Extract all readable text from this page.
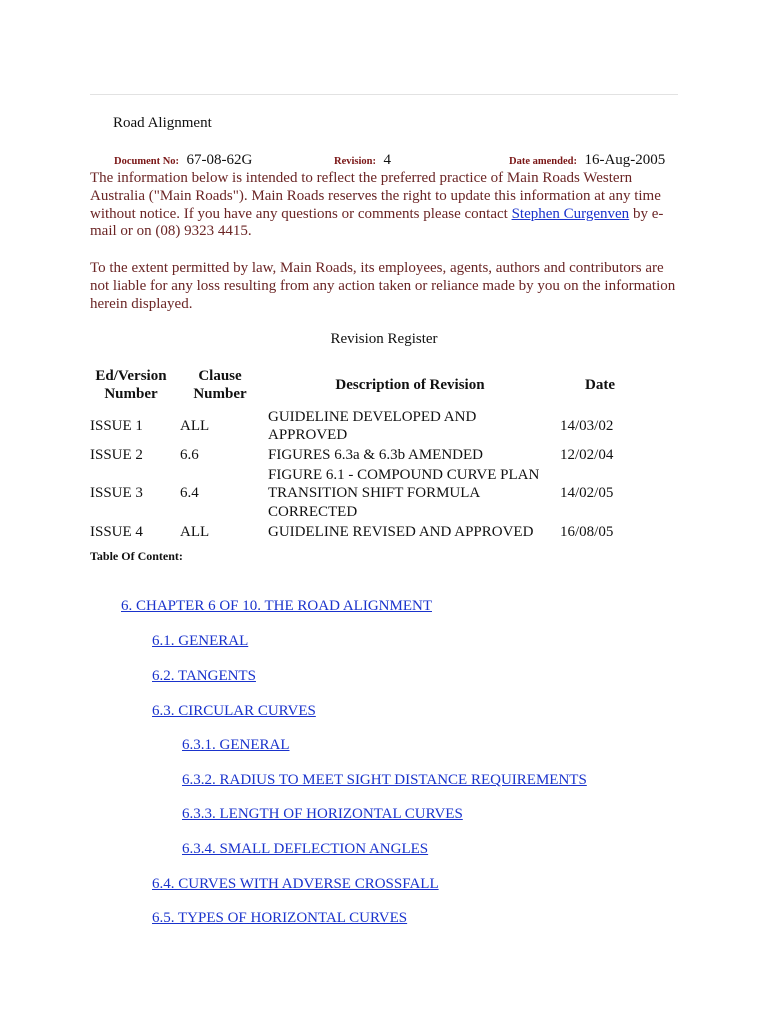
Road Alignment
Document No: 67-08-62G	Revision: 4	Date amended: 16-Aug-2005
The information below is intended to reflect the preferred practice of Main Roads Western Australia ("Main Roads"). Main Roads reserves the right to update this information at any time without notice. If you have any questions or comments please contact Stephen Curgenven by e-mail or on (08) 9323 4415.
To the extent permitted by law, Main Roads, its employees, agents, authors and contributors are not liable for any loss resulting from any action taken or reliance made by you on the information herein displayed.
Revision Register
Ed/Version Number	Clause Number	Description of Revision	Date
ISSUE 1	ALL	GUIDELINE DEVELOPED AND APPROVED	14/03/02
ISSUE 2	6.6	FIGURES 6.3a & 6.3b AMENDED	12/02/04
ISSUE 3	6.4	FIGURE 6.1 - COMPOUND CURVE PLAN TRANSITION SHIFT FORMULA CORRECTED	14/02/05
ISSUE 4	ALL	GUIDELINE REVISED AND APPROVED	16/08/05
Table Of Content:
6. CHAPTER 6 OF 10. THE ROAD ALIGNMENT
6.1. GENERAL
6.2. TANGENTS
6.3. CIRCULAR CURVES
6.3.1. GENERAL
6.3.2. RADIUS TO MEET SIGHT DISTANCE REQUIREMENTS
6.3.3. LENGTH OF HORIZONTAL CURVES
6.3.4. SMALL DEFLECTION ANGLES
6.4. CURVES WITH ADVERSE CROSSFALL
6.5. TYPES OF HORIZONTAL CURVES
